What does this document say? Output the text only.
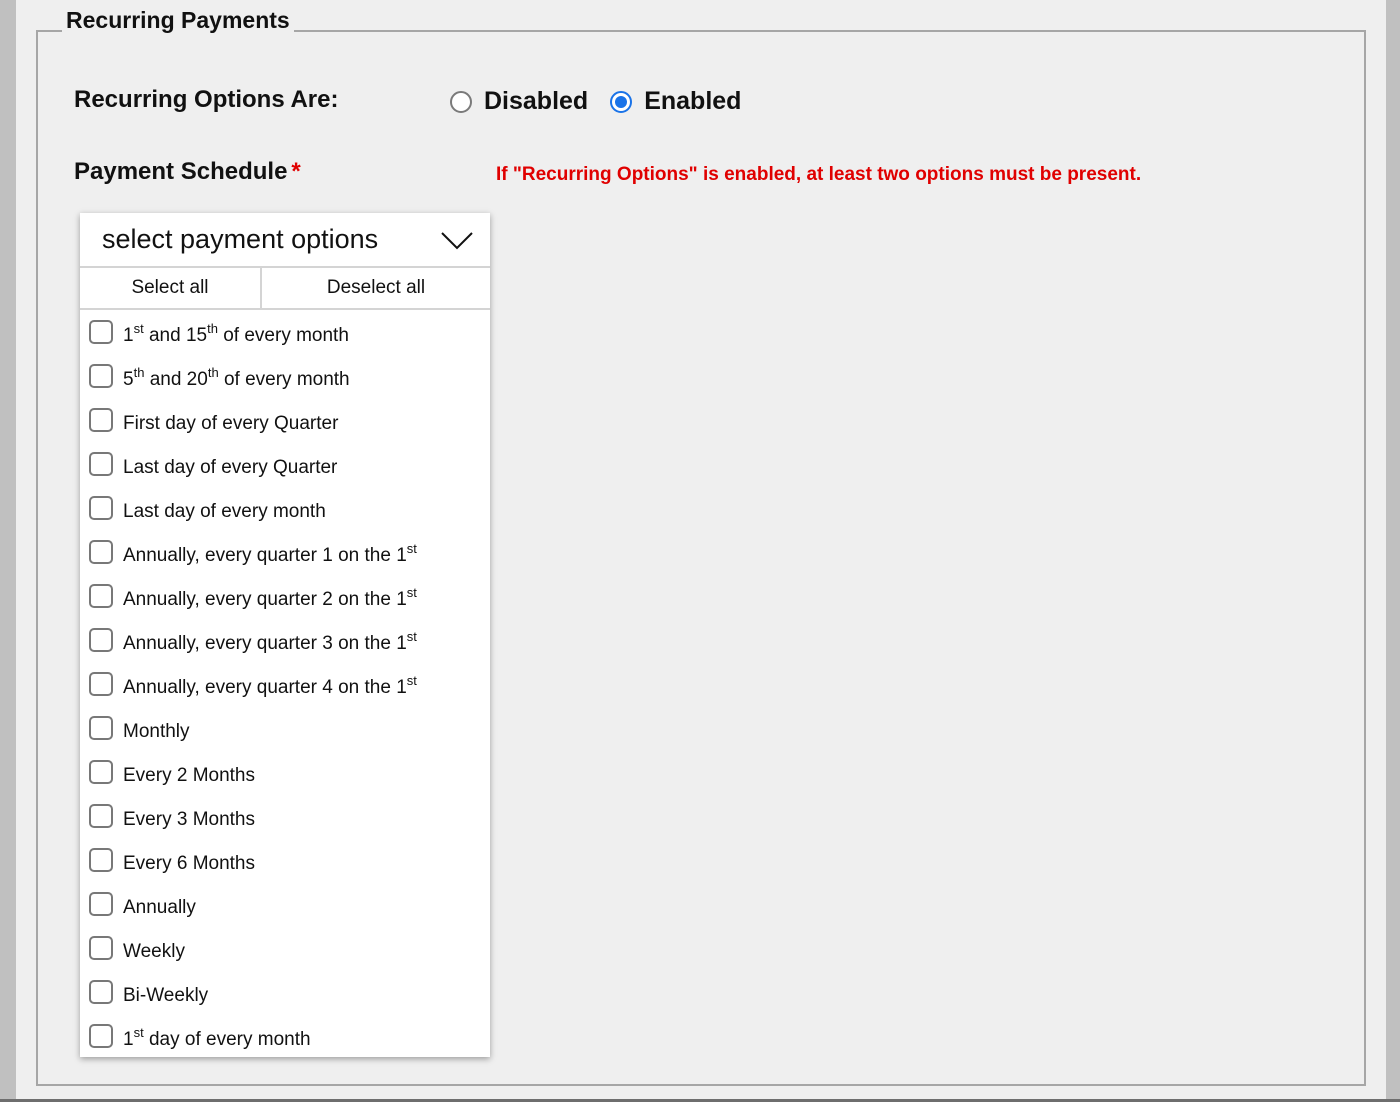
Recurring Payments
Recurring Options Are:	Disabled Enabled
Payment Schedule *	If "Recurring Options" is enabled, at least two options must be present.
select payment options
Select all	Deselect all
1st and 15th of every month
5th and 20th of every month
First day of every Quarter
Last day of every Quarter
Last day of every month
Annually, every quarter 1 on the 1st
Annually, every quarter 2 on the 1st
Annually, every quarter 3 on the 1st
Annually, every quarter 4 on the 1st
Monthly
Every 2 Months
Every 3 Months
Every 6 Months
Annually
Weekly
Bi-Weekly
1st day of every month
